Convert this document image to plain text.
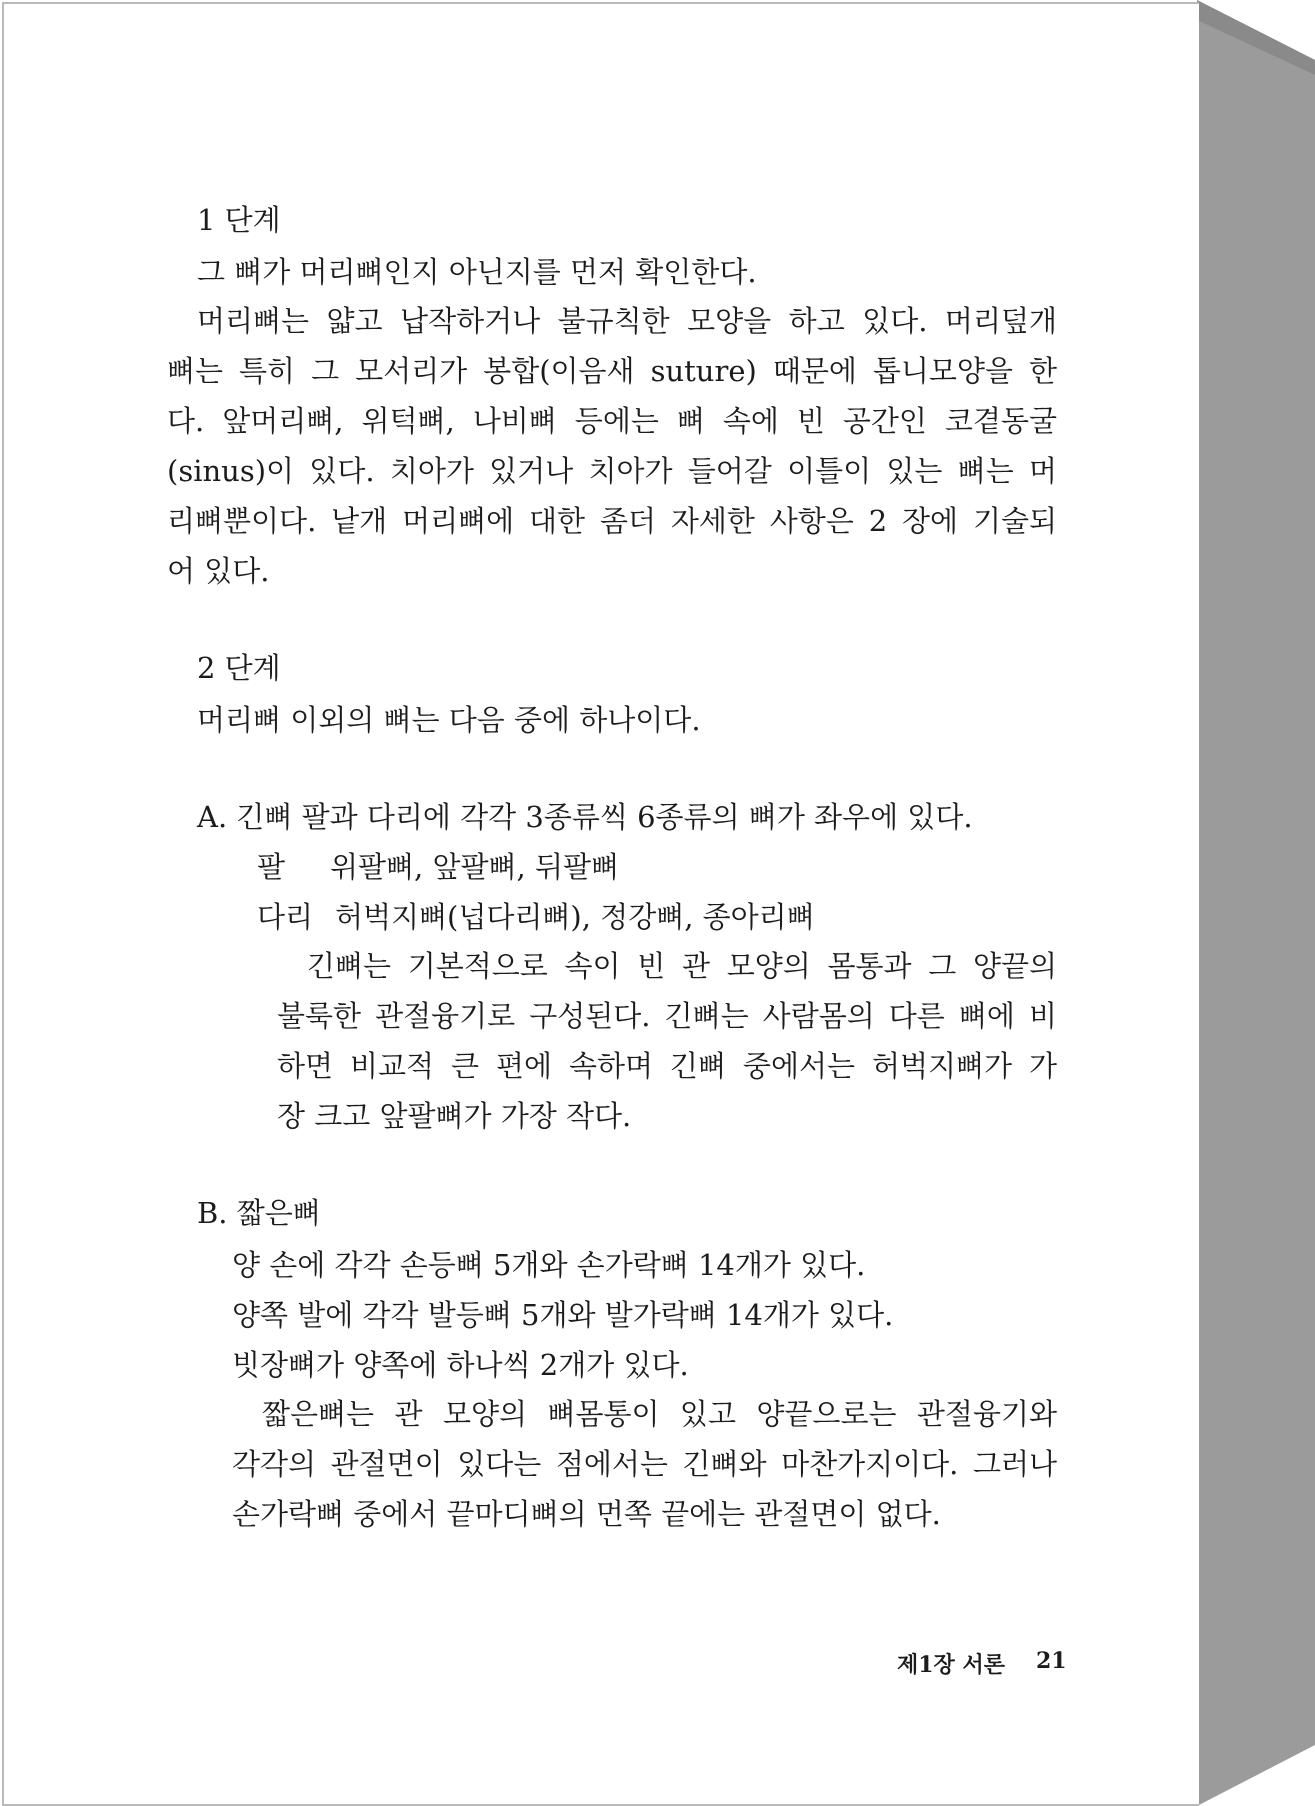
1 단계
그 뼈가 머리뼈인지 아닌지를 먼저 확인한다.
머리뼈는 얇고 납작하거나 불규칙한 모양을 하고 있다. 머리덮개
뼈는 특히 그 모서리가 봉합(이음새 suture) 때문에 톱니모양을 한
다. 앞머리뼈, 위턱뼈, 나비뼈 등에는 뼈 속에 빈 공간인 코곁동굴
(sinus)이 있다. 치아가 있거나 치아가 들어갈 이틀이 있는 뼈는 머
리뼈뿐이다. 낱개 머리뼈에 대한 좀더 자세한 사항은 2 장에 기술되
어 있다.
2 단계
머리뼈 이외의 뼈는 다음 중에 하나이다.
A. 긴뼈 팔과 다리에 각각 3종류씩 6종류의 뼈가 좌우에 있다.
팔 위팔뼈, 앞팔뼈, 뒤팔뼈
다리 허벅지뼈(넙다리뼈), 정강뼈, 종아리뼈
긴뼈는 기본적으로 속이 빈 관 모양의 몸통과 그 양끝의
불룩한 관절융기로 구성된다. 긴뼈는 사람몸의 다른 뼈에 비
하면 비교적 큰 편에 속하며 긴뼈 중에서는 허벅지뼈가 가
장 크고 앞팔뼈가 가장 작다.
B. 짧은뼈
양 손에 각각 손등뼈 5개와 손가락뼈 14개가 있다.
양쪽 발에 각각 발등뼈 5개와 발가락뼈 14개가 있다.
빗장뼈가 양쪽에 하나씩 2개가 있다.
짧은뼈는 관 모양의 뼈몸통이 있고 양끝으로는 관절융기와
각각의 관절면이 있다는 점에서는 긴뼈와 마찬가지이다. 그러나
손가락뼈 중에서 끝마디뼈의 먼쪽 끝에는 관절면이 없다.
제1장 서론 21
